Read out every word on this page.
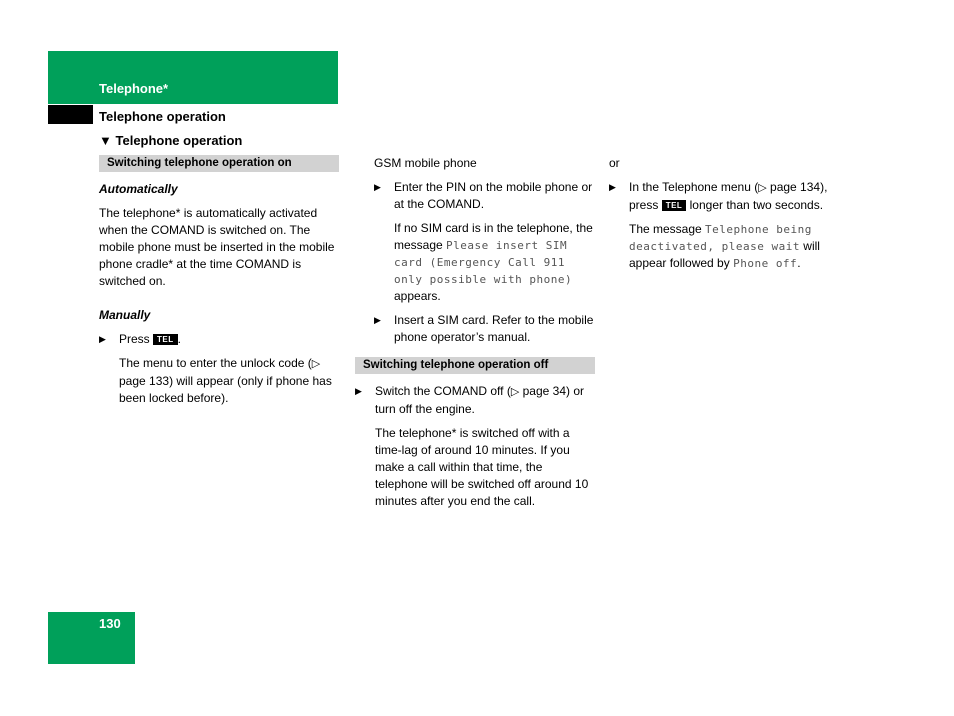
Telephone*
Telephone operation
▼ Telephone operation
Switching telephone operation on
Automatically

The telephone* is automatically activated when the COMAND is switched on. The mobile phone must be inserted in the mobile phone cradle* at the time COMAND is switched on.

Manually
▶ Press TEL .

The menu to enter the unlock code (▷ page 133) will appear (only if phone has been locked before).

GSM mobile phone

▶ Enter the PIN on the mobile phone or at the COMAND.

If no SIM card is in the telephone, the message Please insert SIM card (Emergency Call 911 only possible with phone) appears.

▶ Insert a SIM card. Refer to the mobile phone operator’s manual.
Switching telephone operation off
▶ Switch the COMAND off (▷ page 34) or turn off the engine.

The telephone* is switched off with a time-lag of around 10 minutes. If you make a call within that time, the telephone will be switched off around 10 minutes after you end the call.

or

▶ In the Telephone menu (▷ page 134), press TEL longer than two seconds.

The message Telephone being deactivated, please wait will appear followed by Phone off.

130
